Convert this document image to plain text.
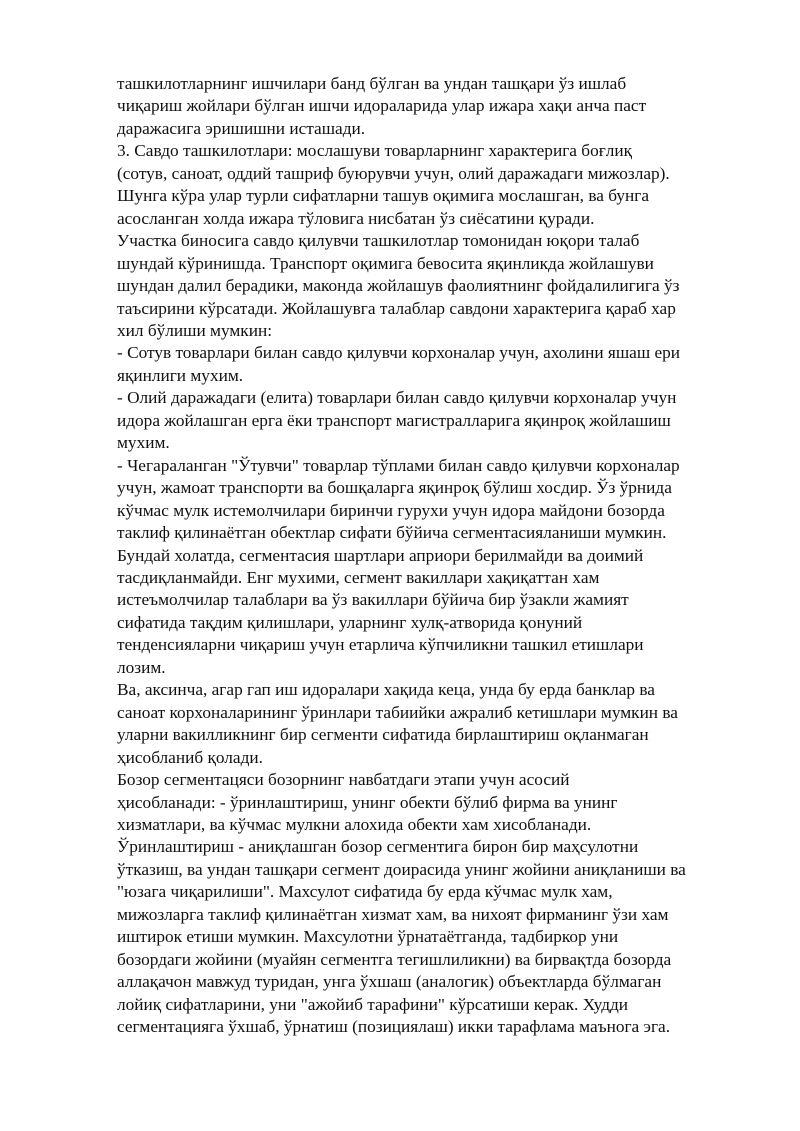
ташкилотларнинг ишчилари банд бўлган ва ундан ташқари ўз ишлаб
чиқариш жойлари бўлган ишчи идораларида улар ижара хақи анча паст
даражасига эришишни исташади.

3. Савдо ташкилотлари: мослашуви товарларнинг характерига боғлиқ
(сотув, саноат, оддий ташриф буюрувчи учун, олий даражадаги мижозлар).
Шунга кўра улар турли сифатларни ташув оқимига мослашган, ва бунга
асосланган холда ижара тўловига нисбатан ўз сиёсатини қуради.

Участка биносига савдо қилувчи ташкилотлар томонидан юқори талаб
шундай кўринишда. Транспорт оқимига бевосита яқинликда жойлашуви
шундан далил берадики, маконда жойлашув фаолиятнинг фойдалилигига ўз
таъсирини кўрсатади. Жойлашувга талаблар савдони характерига қараб хар
хил бўлиши мумкин:

- Сотув товарлари билан савдо қилувчи корхоналар учун, ахолини яшаш ери
яқинлиги мухим.

- Олий даражадаги (елита) товарлари билан савдо қилувчи корхоналар учун
идора жойлашган ерга ёки транспорт магистралларига яқинроқ жойлашиш
мухим.

- Чегараланган "Ўтувчи" товарлар тўплами билан савдо қилувчи корхоналар
учун, жамоат транспорти ва бошқаларга яқинроқ бўлиш хосдир. Ўз ўрнида
кўчмас мулк истемолчилари биринчи гурухи учун идора майдони бозорда
таклиф қилинаётган обектлар сифати бўйича сегментасияланиши мумкин.
Бундай холатда, сегментасия шартлари априори берилмайди ва доимий
тасдиқланмайди. Енг мухими, сегмент вакиллари хақиқаттан хам
истеъмолчилар талаблари ва ўз вакиллари бўйича бир ўзакли жамият
сифатида тақдим қилишлари, уларнинг хулқ-атворида қонуний
тенденсияларни чиқариш учун етарлича кўпчиликни ташкил етишлари
лозим.

Ва, аксинча, агар гап иш идоралари хақида кеца, унда бу ерда банклар ва
саноат корхоналарининг ўринлари табиийки ажралиб кетишлари мумкин ва
уларни вакилликнинг бир сегменти сифатида бирлаштириш оқланмаган
ҳисобланиб қолади.

Бозор сегментацяси бозорнинг навбатдаги этапи учун асосий
ҳисобланади: - ўринлаштириш, унинг обекти бўлиб фирма ва унинг
хизматлари, ва кўчмас мулкни алохида обекти хам хисобланади.

Ўринлаштириш - аниқлашган бозор сегментига бирон бир маҳсулотни
ўтказиш, ва ундан ташқари сегмент доирасида унинг жойини аниқланиши ва
"юзага чиқарилиши". Махсулот сифатида бу ерда кўчмас мулк хам,
мижозларга таклиф қилинаётган хизмат хам, ва нихоят фирманинг ўзи хам
иштирок етиши мумкин. Махсулотни ўрнатаётганда, тадбиркор уни
бозордаги жойини (муайян сегментга тегишлиликни) ва бирвақтда бозорда
аллақачон мавжуд туридан, унга ўхшаш (аналогик) объектларда бўлмаган
лойиқ сифатларини, уни "ажойиб тарафини" кўрсатиши керак. Худди
сегментацияга ўхшаб, ўрнатиш (позициялаш) икки тарафлама маънога эга.
